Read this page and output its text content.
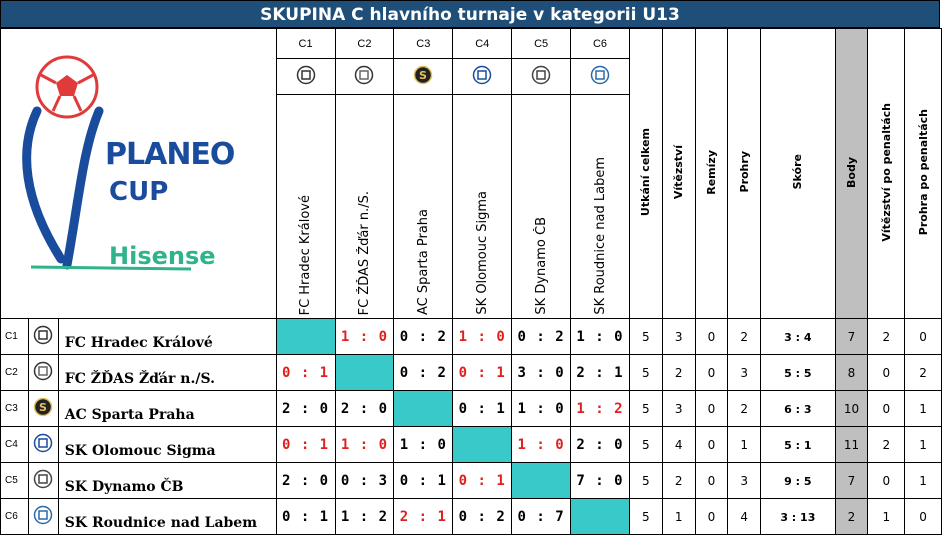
SKUPINA C hlavního turnaje v kategorii U13
PLANEO
CUP
Hisense			C1	C2	C3	C4	C5	C6	Utkání celkem	Vítězství	Remízy	Prohry	Skóre	Body	Vítězství po penaltách	Prohra po penaltách

S

			FC Hradec Králové	FC ŽĎAS Žďár n./S.	AC Sparta Praha	SK Olomouc Sigma	SK Dynamo ČB	SK Roudnice nad Labem								
C1		FC Hradec Králové		1 : 0	0 : 2	1 : 0	0 : 2	1 : 0	5	3	0	2	3 : 4	7	2	0
C2		FC ŽĎAS Žďár n./S.	0 : 1		0 : 2	0 : 1	3 : 0	2 : 1	5	2	0	3	5 : 5	8	0	2
C3	S	AC Sparta Praha	2 : 0	2 : 0		0 : 1	1 : 0	1 : 2	5	3	0	2	6 : 3	10	0	1
C4		SK Olomouc Sigma	0 : 1	1 : 0	1 : 0		1 : 0	2 : 0	5	4	0	1	5 : 1	11	2	1
C5		SK Dynamo ČB	2 : 0	0 : 3	0 : 1	0 : 1		7 : 0	5	2	0	3	9 : 5	7	0	1
C6		SK Roudnice nad Labem	0 : 1	1 : 2	2 : 1	0 : 2	0 : 7		5	1	0	4	3 : 13	2	1	0
